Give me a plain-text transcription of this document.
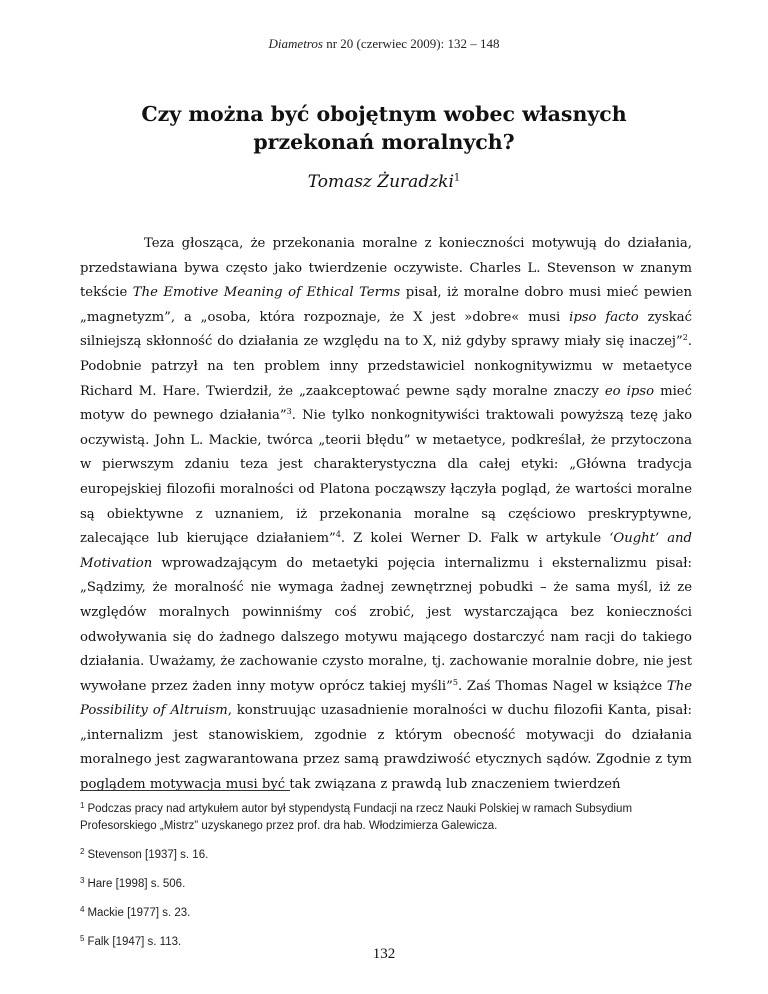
Diametros nr 20 (czerwiec 2009): 132 – 148
Czy można być obojętnym wobec własnych przekonań moralnych?
Tomasz Żuradzki$^1$

Teza głosząca, że przekonania moralne z konieczności motywują do działania, przedstawiana bywa często jako twierdzenie oczywiste. Charles L. Stevenson w znanym tekście The Emotive Meaning of Ethical Terms pisał, iż moralne dobro musi mieć pewien „magnetyzm”, a „osoba, która rozpoznaje, że X jest »dobre« musi ipso facto zyskać silniejszą skłonność do działania ze względu na to X, niż gdyby sprawy miały się inaczej”$^2$. Podobnie patrzył na ten problem inny przedstawiciel nonkognitywizmu w metaetyce Richard M. Hare. Twierdził, że „zaakceptować pewne sądy moralne znaczy eo ipso mieć motyw do pewnego działania”$^3$. Nie tylko nonkognitywiści traktowali powyższą tezę jako oczywistą. John L. Mackie, twórca „teorii błędu” w metaetyce, podkreślał, że przytoczona w pierwszym zdaniu teza jest charakterystyczna dla całej etyki: „Główna tradycja europejskiej filozofii moralności od Platona począwszy łączyła pogląd, że wartości moralne są obiektywne z uznaniem, iż przekonania moralne są częściowo preskryptywne, zalecające lub kierujące działaniem”$^4$. Z kolei Werner D. Falk w artykule ‘Ought’ and Motivation wprowadzającym do metaetyki pojęcia internalizmu i eksternalizmu pisał: „Sądzimy, że moralność nie wymaga żadnej zewnętrznej pobudki – że sama myśl, iż ze względów moralnych powinniśmy coś zrobić, jest wystarczająca bez konieczności odwoływania się do żadnego dalszego motywu mającego dostarczyć nam racji do takiego działania. Uważamy, że zachowanie czysto moralne, tj. zachowanie moralnie dobre, nie jest wywołane przez żaden inny motyw oprócz takiej myśli”$^5$. Zaś Thomas Nagel w książce The Possibility of Altruism, konstruując uzasadnienie moralności w duchu filozofii Kanta, pisał: „internalizm jest stanowiskiem, zgodnie z którym obecność motywacji do działania moralnego jest zagwarantowana przez samą prawdziwość etycznych sądów. Zgodnie z tym poglądem motywacja musi być tak związana z prawdą lub znaczeniem twierdzeń

$^1$ Podczas pracy nad artykułem autor był stypendystą Fundacji na rzecz Nauki Polskiej w ramach Subsydium Profesorskiego „Mistrz” uzyskanego przez prof. dra hab. Włodzimierza Galewicza.
$^2$ Stevenson [1937] s. 16.
$^3$ Hare [1998] s. 506.
$^4$ Mackie [1977] s. 23.
$^5$ Falk [1947] s. 113.
132
